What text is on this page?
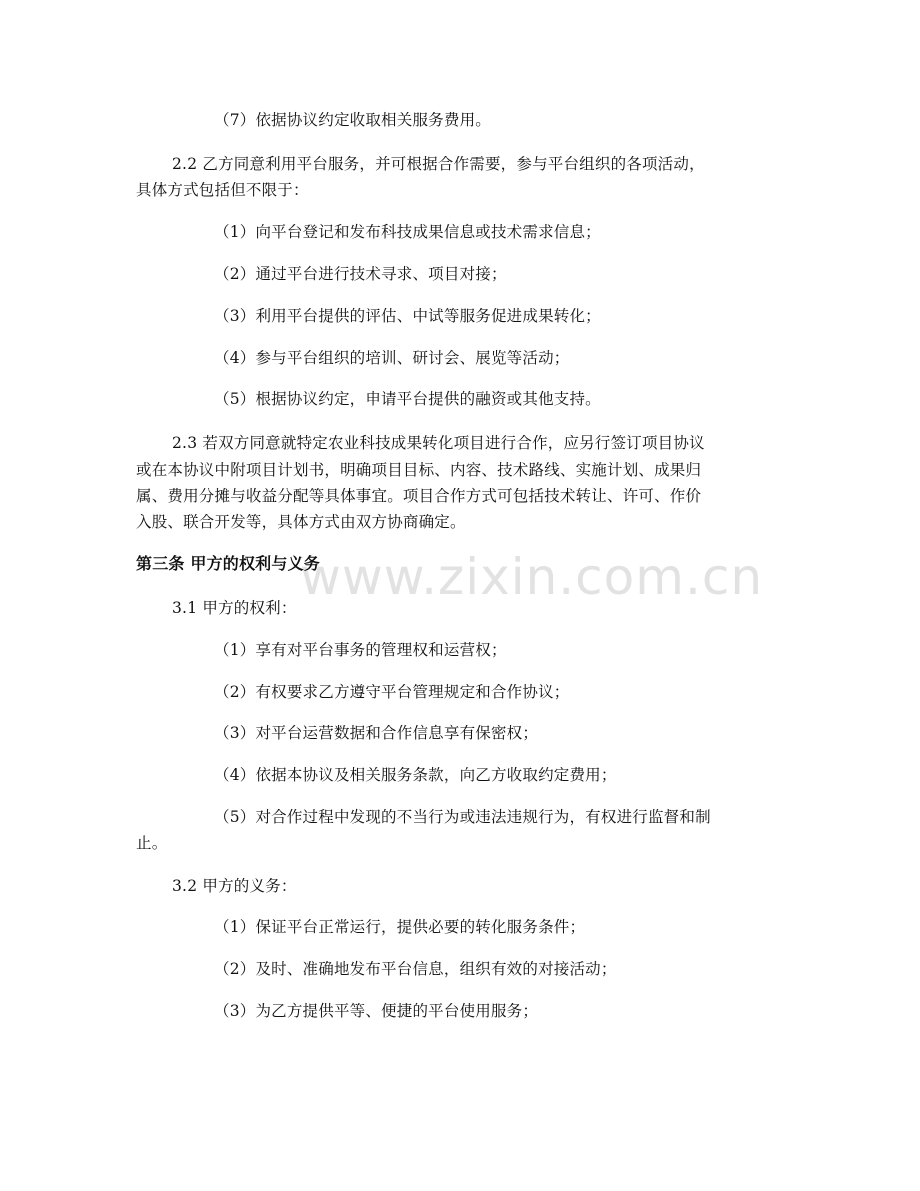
www.zixin.com.cn
（7）依据协议约定收取相关服务费用。
2.2 乙方同意利用平台服务，并可根据合作需要，参与平台组织的各项活动，
具体方式包括但不限于：
（1）向平台登记和发布科技成果信息或技术需求信息；
（2）通过平台进行技术寻求、项目对接；
（3）利用平台提供的评估、中试等服务促进成果转化；
（4）参与平台组织的培训、研讨会、展览等活动；
（5）根据协议约定，申请平台提供的融资或其他支持。
2.3 若双方同意就特定农业科技成果转化项目进行合作，应另行签订项目协议
或在本协议中附项目计划书，明确项目目标、内容、技术路线、实施计划、成果归
属、费用分摊与收益分配等具体事宜。项目合作方式可包括技术转让、许可、作价
入股、联合开发等，具体方式由双方协商确定。
第三条 甲方的权利与义务
3.1 甲方的权利：
（1）享有对平台事务的管理权和运营权；
（2）有权要求乙方遵守平台管理规定和合作协议；
（3）对平台运营数据和合作信息享有保密权；
（4）依据本协议及相关服务条款，向乙方收取约定费用；
（5）对合作过程中发现的不当行为或违法违规行为，有权进行监督和制
止。
3.2 甲方的义务：
（1）保证平台正常运行，提供必要的转化服务条件；
（2）及时、准确地发布平台信息，组织有效的对接活动；
（3）为乙方提供平等、便捷的平台使用服务；
